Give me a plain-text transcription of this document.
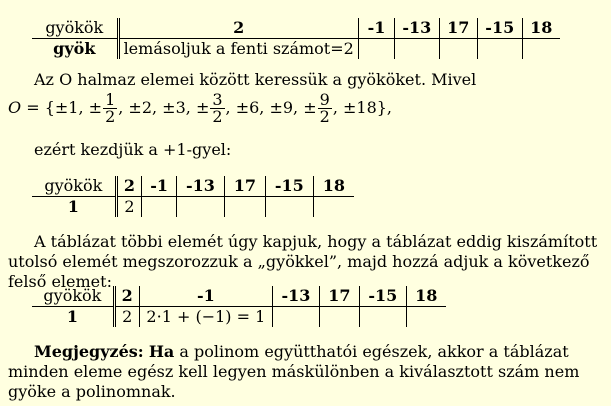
gyökök	2	-1	-13	17	-15	18
gyök	lemásoljuk a fenti számot=2					

Az O halmaz elemei között keressük a gyököket. Mivel

O = {±1, ± $\frac{1}{2}$ , ±2, ±3, ± $\frac{3}{2}$ , ±6, ±9, ± $\frac{9}{2}$ , ±18},

ezért kezdjük a +1-gyel:

gyökök	2	-1	-13	17	-15	18
1	2					

A táblázat többi elemét úgy kapjuk, hogy a táblázat eddig kiszámított utolsó elemét megszorozzuk a „gyökkel”, majd hozzá adjuk a következő felső elemet:

gyökök	2	-1	-13	17	-15	18
1	2	2·1 + (−1) = 1				

Megjegyzés: Ha a polinom együtthatói egészek, akkor a táblázat minden eleme egész kell legyen máskülönben a kiválasztott szám nem gyöke a polinomnak.
